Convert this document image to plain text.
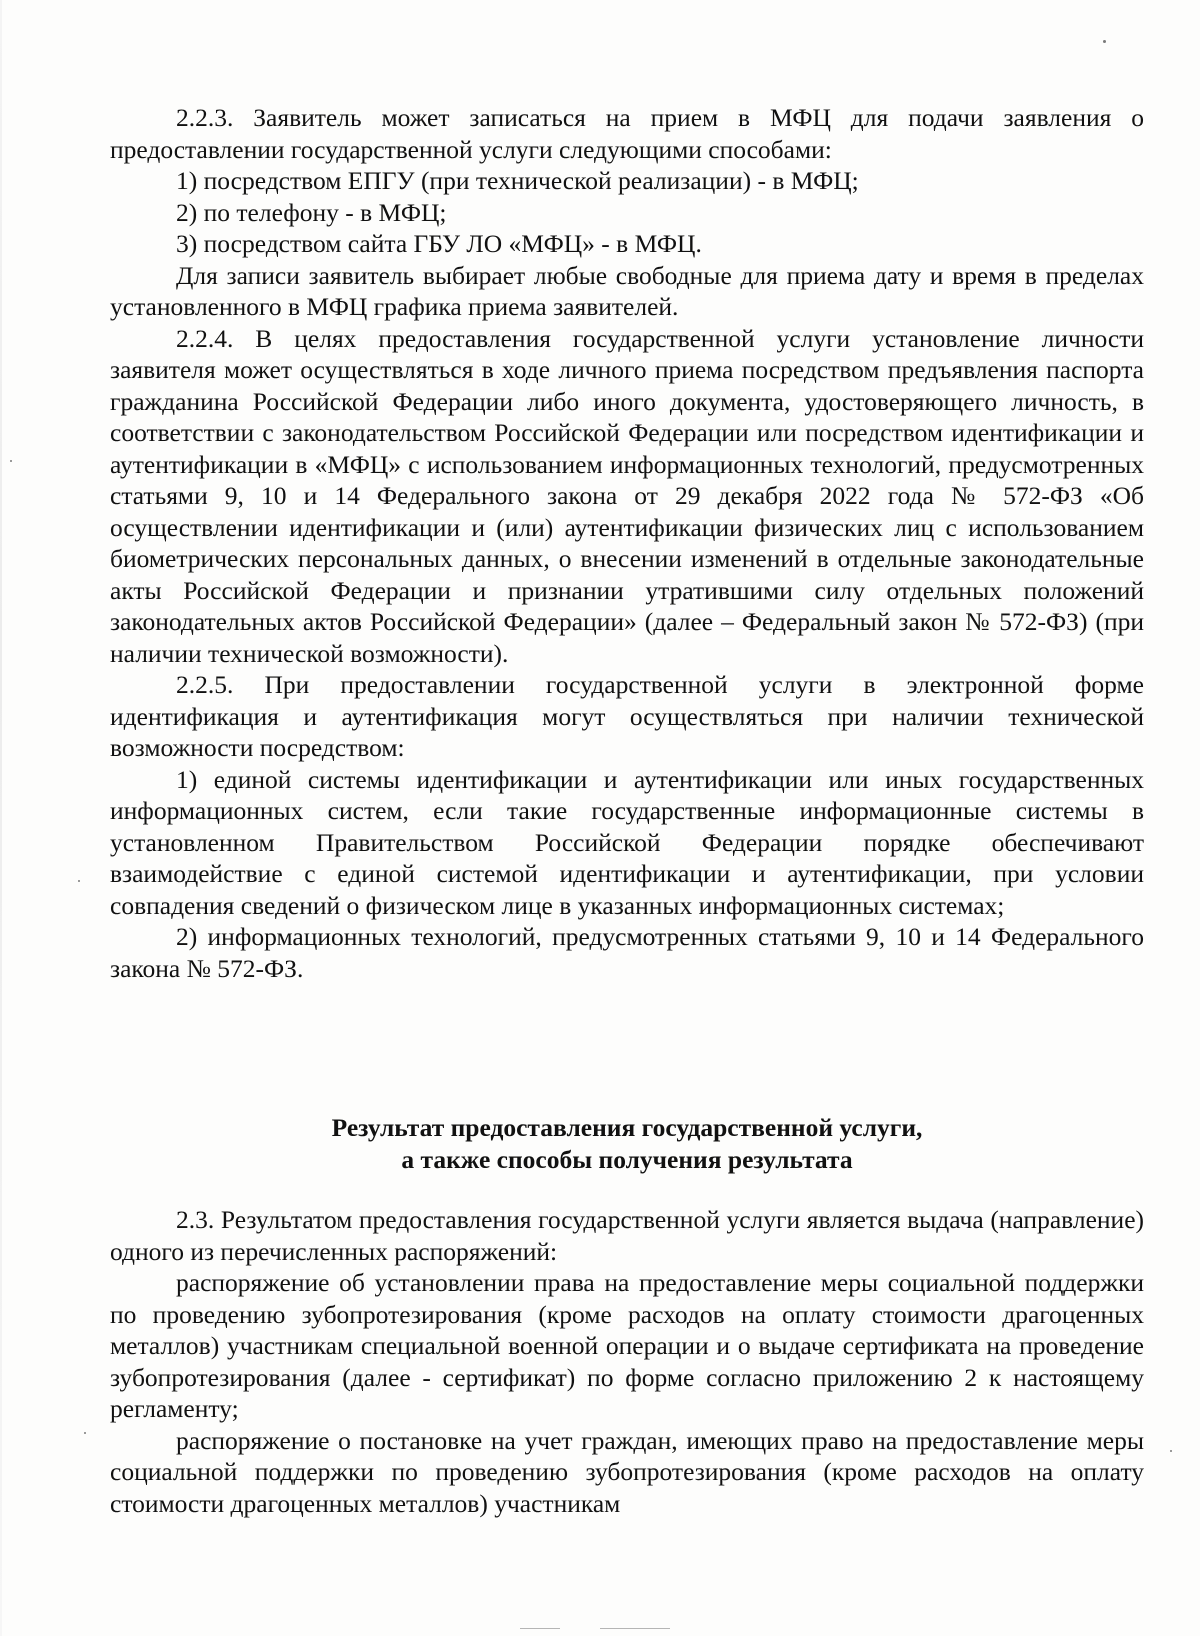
2.2.3. Заявитель может записаться на прием в МФЦ для подачи заявления о предоставлении государственной услуги следующими способами:

1) посредством ЕПГУ (при технической реализации) - в МФЦ;

2) по телефону - в МФЦ;

3) посредством сайта ГБУ ЛО «МФЦ» - в МФЦ.

Для записи заявитель выбирает любые свободные для приема дату и время в пределах установленного в МФЦ графика приема заявителей.

2.2.4. В целях предоставления государственной услуги установление личности заявителя может осуществляться в ходе личного приема посредством предъявления паспорта гражданина Российской Федерации либо иного документа, удостоверяющего личность, в соответствии с законодательством Российской Федерации или посредством идентификации и аутентификации в «МФЦ» с использованием информационных технологий, предусмотренных статьями 9, 10 и 14 Федерального закона от 29 декабря 2022 года № 572-ФЗ «Об осуществлении идентификации и (или) аутентификации физических лиц с использованием биометрических персональных данных, о внесении изменений в отдельные законодательные акты Российской Федерации и признании утратившими силу отдельных положений законодательных актов Российской Федерации» (далее – Федеральный закон № 572-ФЗ) (при наличии технической возможности).

2.2.5. При предоставлении государственной услуги в электронной форме идентификация и аутентификация могут осуществляться при наличии технической возможности посредством:

1) единой системы идентификации и аутентификации или иных государственных информационных систем, если такие государственные информационные системы в установленном Правительством Российской Федерации порядке обеспечивают взаимодействие с единой системой идентификации и аутентификации, при условии совпадения сведений о физическом лице в указанных информационных системах;

2) информационных технологий, предусмотренных статьями 9, 10 и 14 Федерального закона № 572-ФЗ.

Результат предоставления государственной услуги,
а также способы получения результата

2.3. Результатом предоставления государственной услуги является выдача (направление) одного из перечисленных распоряжений:

распоряжение об установлении права на предоставление меры социальной поддержки по проведению зубопротезирования (кроме расходов на оплату стоимости драгоценных металлов) участникам специальной военной операции и о выдаче сертификата на проведение зубопротезирования (далее - сертификат) по форме согласно приложению 2 к настоящему регламенту;

распоряжение о постановке на учет граждан, имеющих право на предоставление меры социальной поддержки по проведению зубопротезирования (кроме расходов на оплату стоимости драгоценных металлов) участникам
